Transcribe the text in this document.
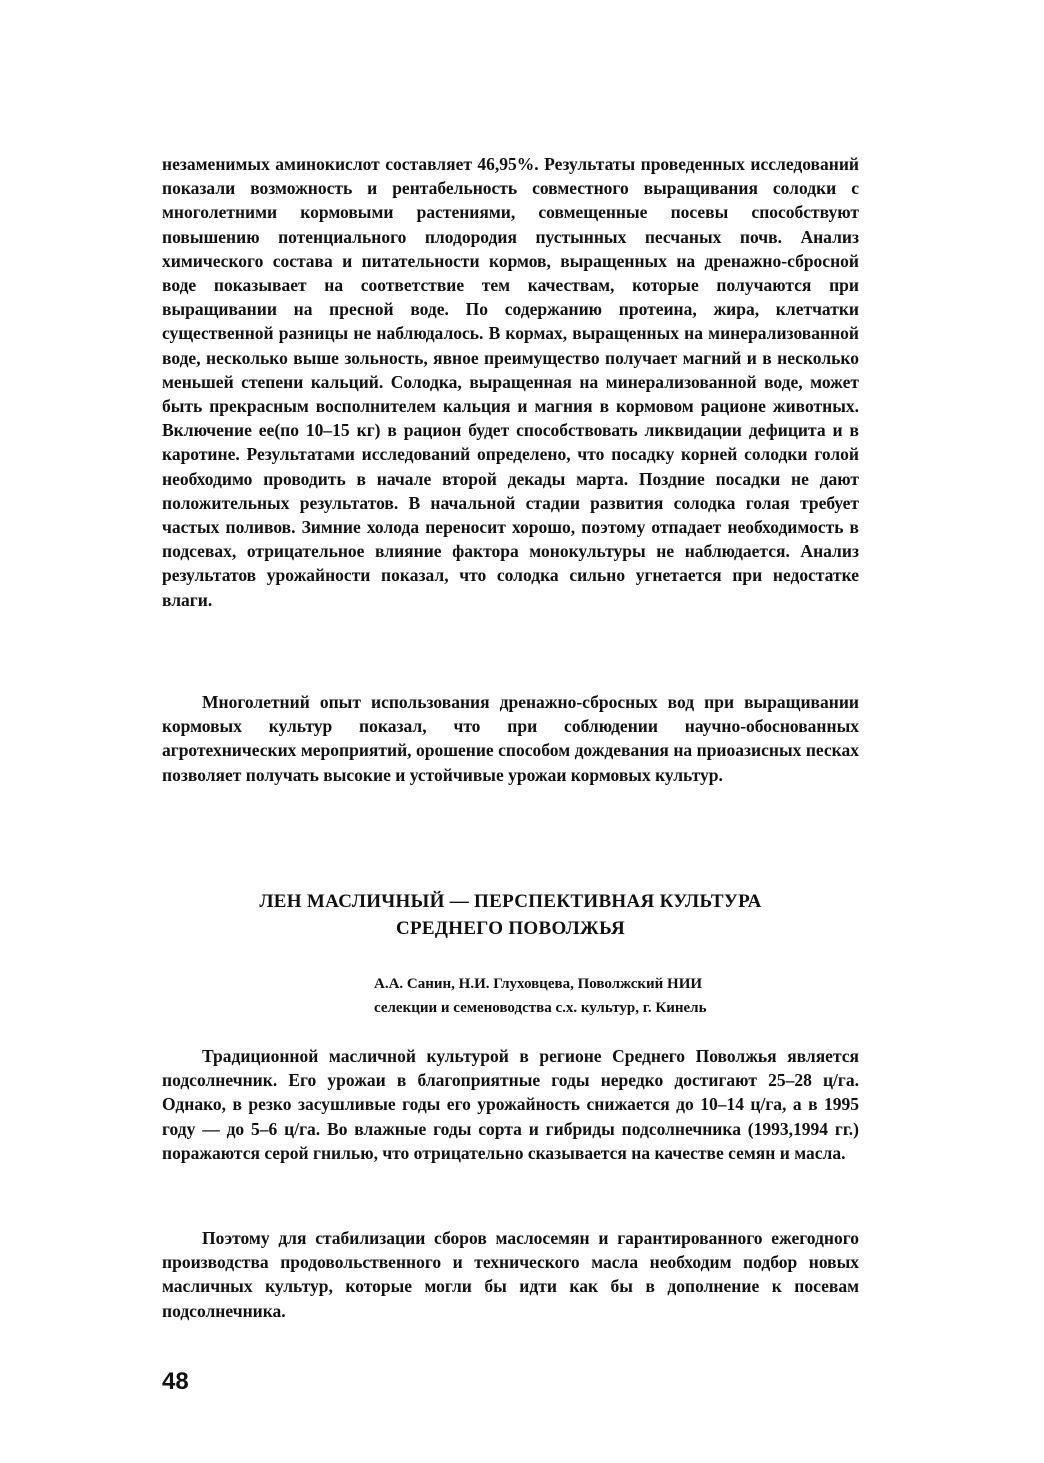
незаменимых аминокислот составляет 46,95%. Результаты проведенных исследований показали возможность и рентабельность совместного выращивания солодки с многолетними кормовыми растениями, совмещенные посевы способствуют повышению потенциального плодородия пустынных песчаных почв. Анализ химического состава и питательности кормов, выращенных на дренажно-сбросной воде показывает на соответствие тем качествам, которые получаются при выращивании на пресной воде. По содержанию протеина, жира, клетчатки существенной разницы не наблюдалось. В кормах, выращенных на минерализованной воде, несколько выше зольность, явное преимущество получает магний и в несколько меньшей степени кальций. Солодка, выращенная на минерализованной воде, может быть прекрасным восполнителем кальция и магния в кормовом рационе животных. Включение ее(по 10–15 кг) в рацион будет способствовать ликвидации дефицита и в каротине. Результатами исследований определено, что посадку корней солодки голой необходимо проводить в начале второй декады марта. Поздние посадки не дают положительных результатов. В начальной стадии развития солодка голая требует частых поливов. Зимние холода переносит хорошо, поэтому отпадает необходимость в подсевах, отрицательное влияние фактора монокультуры не наблюдается. Анализ результатов урожайности показал, что солодка сильно угнетается при недостатке влаги.

Многолетний опыт использования дренажно-сбросных вод при выращивании кормовых культур показал, что при соблюдении научно-обоснованных агротехнических мероприятий, орошение способом дождевания на приоазисных песках позволяет получать высокие и устойчивые урожаи кормовых культур.

ЛЕН МАСЛИЧНЫЙ — ПЕРСПЕКТИВНАЯ КУЛЬТУРА
СРЕДНЕГО ПОВОЛЖЬЯ
А.А. Санин, Н.И. Глуховцева, Поволжский НИИ
селекции и семеноводства с.х. культур, г. Кинель

Традиционной масличной культурой в регионе Среднего Поволжья является подсолнечник. Его урожаи в благоприятные годы нередко достигают 25–28 ц/га. Однако, в резко засушливые годы его урожайность снижается до 10–14 ц/га, а в 1995 году — до 5–6 ц/га. Во влажные годы сорта и гибриды подсолнечника (1993,1994 гг.) поражаются серой гнилью, что отрицательно сказывается на качестве семян и масла.

Поэтому для стабилизации сборов маслосемян и гарантированного ежегодного производства продовольственного и технического масла необходим подбор новых масличных культур, которые могли бы идти как бы в дополнение к посевам подсолнечника.

48
